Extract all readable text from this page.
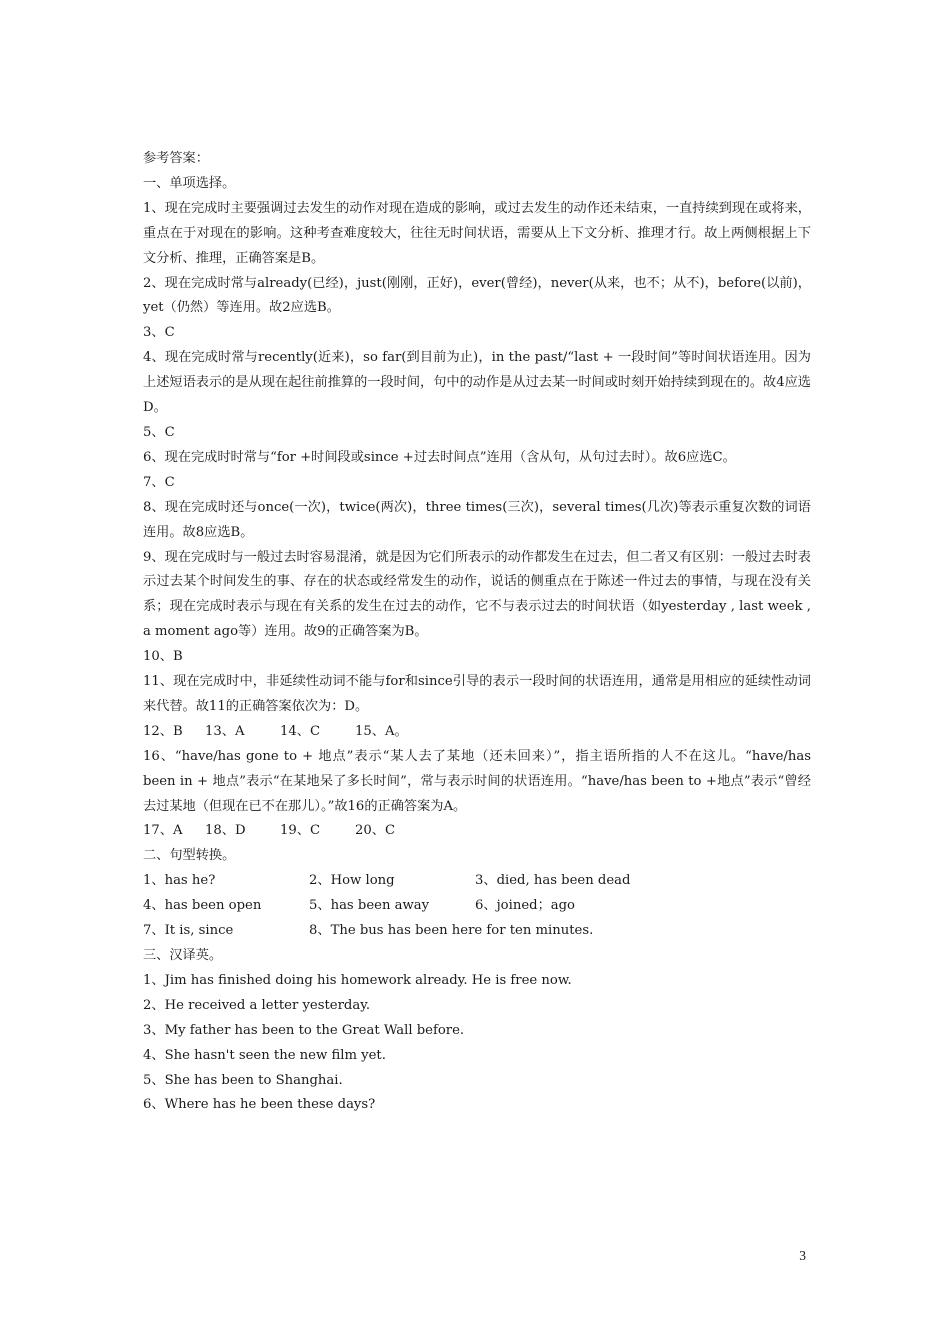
参考答案：
一、单项选择。
1、现在完成时主要强调过去发生的动作对现在造成的影响，或过去发生的动作还未结束，一直持续到现在或将来，重点在于对现在的影响。这种考查难度较大，往往无时间状语，需要从上下文分析、推理才行。故上两侧根据上下文分析、推理，正确答案是B。
2、现在完成时常与already(已经)，just(刚刚，正好)，ever(曾经)，never(从来，也不；从不)，before(以前)， yet（仍然）等连用。故2应选B。
3、C
4、现在完成时常与recently(近来)，so far(到目前为止)，in the past/“last + 一段时间”等时间状语连用。因为上述短语表示的是从现在起往前推算的一段时间，句中的动作是从过去某一时间或时刻开始持续到现在的。故4应选D。
5、C
6、现在完成时时常与“for +时间段或since +过去时间点”连用（含从句，从句过去时）。故6应选C。
7、C
8、现在完成时还与once(一次)，twice(两次)，three times(三次)，several times(几次)等表示重复次数的词语连用。故8应选B。
9、现在完成时与一般过去时容易混淆，就是因为它们所表示的动作都发生在过去，但二者又有区别：一般过去时表示过去某个时间发生的事、存在的状态或经常发生的动作，说话的侧重点在于陈述一件过去的事情，与现在没有关系；现在完成时表示与现在有关系的发生在过去的动作，它不与表示过去的时间状语（如yesterday , last week , a moment ago等）连用。故9的正确答案为B。
10、B
11、现在完成时中，非延续性动词不能与for和since引导的表示一段时间的状语连用，通常是用相应的延续性动词来代替。故11的正确答案依次为：D。
12、B 13、A	14、C	15、A。
16、“have/has gone to + 地点”表示“某人去了某地（还未回来）”，指主语所指的人不在这儿。“have/has been in + 地点”表示“在某地呆了多长时间”，常与表示时间的状语连用。“have/has been to +地点”表示“曾经去过某地（但现在已不在那儿）。”故16的正确答案为A。
17、A 18、D	19、C	20、C
二、句型转换。
1、has he?	2、How long	3、died, has been dead
4、has been open	5、has been away	6、joined；ago
7、It is, since	8、The bus has been here for ten minutes.
三、汉译英。
1、Jim has finished doing his homework already. He is free now.
2、He received a letter yesterday.
3、My father has been to the Great Wall before.
4、She hasn't seen the new film yet.
5、She has been to Shanghai.
6、Where has he been these days?
3
